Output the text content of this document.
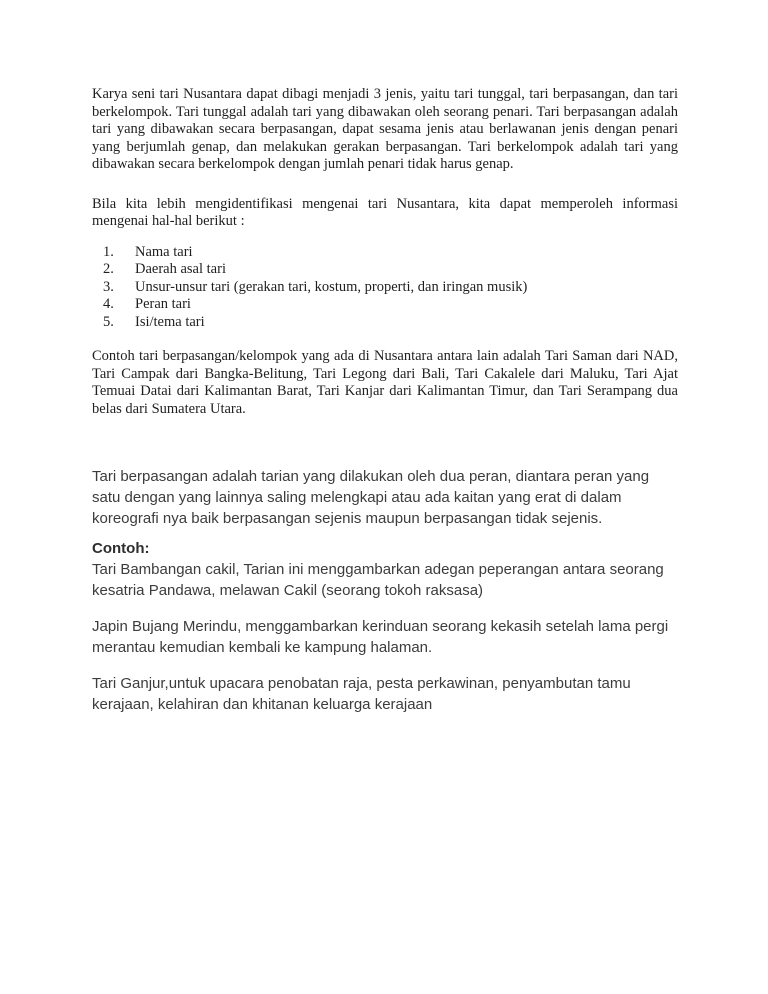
Karya seni tari Nusantara dapat dibagi menjadi 3 jenis, yaitu tari tunggal, tari berpasangan, dan tari berkelompok. Tari tunggal adalah tari yang dibawakan oleh seorang penari. Tari berpasangan adalah tari yang dibawakan secara berpasangan, dapat sesama jenis atau berlawanan jenis dengan penari yang berjumlah genap, dan melakukan gerakan berpasangan. Tari berkelompok adalah tari yang dibawakan secara berkelompok dengan jumlah penari tidak harus genap.

Bila kita lebih mengidentifikasi mengenai tari Nusantara, kita dapat memperoleh informasi mengenai hal-hal berikut :

1.	Nama tari
2.	Daerah asal tari
3.	Unsur-unsur tari (gerakan tari, kostum, properti, dan iringan musik)
4.	Peran tari
5.	Isi/tema tari

Contoh tari berpasangan/kelompok yang ada di Nusantara antara lain adalah Tari Saman dari NAD, Tari Campak dari Bangka-Belitung, Tari Legong dari Bali, Tari Cakalele dari Maluku, Tari Ajat Temuai Datai dari Kalimantan Barat, Tari Kanjar dari Kalimantan Timur, dan Tari Serampang dua belas dari Sumatera Utara.

Tari berpasangan adalah tarian yang dilakukan oleh dua peran, diantara peran yang satu dengan yang lainnya saling melengkapi atau ada kaitan yang erat di dalam koreografi nya baik berpasangan sejenis maupun berpasangan tidak sejenis.

Contoh:

Tari Bambangan cakil, Tarian ini menggambarkan adegan peperangan antara seorang kesatria Pandawa, melawan Cakil (seorang tokoh raksasa)

Japin Bujang Merindu, menggambarkan kerinduan seorang kekasih setelah lama pergi merantau kemudian kembali ke kampung halaman.

Tari Ganjur,untuk upacara penobatan raja, pesta perkawinan, penyambutan tamu kerajaan, kelahiran dan khitanan keluarga kerajaan
